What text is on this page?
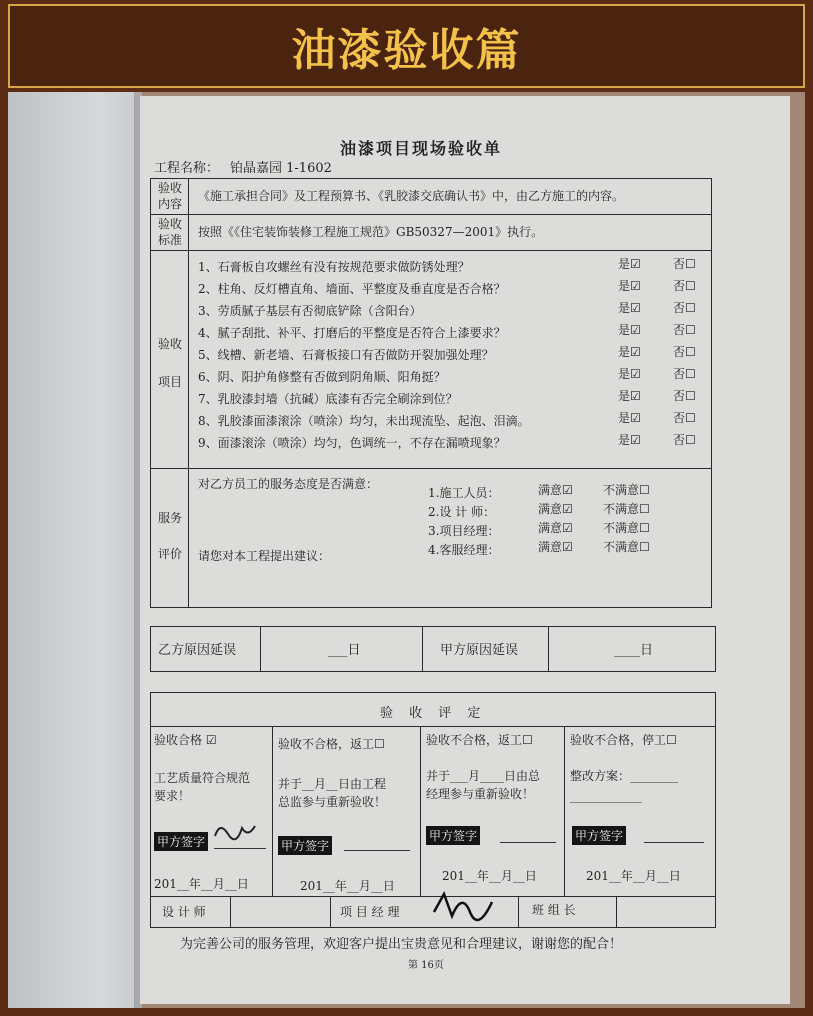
油漆验收篇
油漆项目现场验收单
工程名称： 铂晶嘉园 1-1602
验收
内容
《施工承担合同》及工程预算书、《乳胶漆交底确认书》中，由乙方施工的内容。
验收
标准
按照《《住宅装饰装修工程施工规范》GB50327—2001》执行。
验收
项目
1、石膏板自攻螺丝有没有按规范要求做防锈处理？	是☑	否☐
2、柱角、反灯槽直角、墙面、平整度及垂直度是否合格？	是☑	否☐
3、劳质腻子基层有否彻底铲除（含阳台）	是☑	否☐
4、腻子刮批、补平、打磨后的平整度是否符合上漆要求？	是☑	否☐
5、线槽、新老墙、石膏板接口有否做防开裂加强处理？	是☑	否☐
6、阴、阳护角修整有否做到阴角顺、阳角挺？	是☑	否☐
7、乳胶漆封墙（抗碱）底漆有否完全刷涂到位？	是☑	否☐
8、乳胶漆面漆滚涂（喷涂）均匀，未出现流坠、起泡、泪滴。	是☑	否☐
9、面漆滚涂（喷涂）均匀，色调统一，不存在漏喷现象？	是☑	否☐
服务
评价
对乙方员工的服务态度是否满意：
请您对本工程提出建议：
1.施工人员：	满意☑	不满意☐
2.设 计 师：	满意☑	不满意☐
3.项目经理：	满意☑	不满意☐
4.客服经理：	满意☑	不满意☐
乙方原因延误	___日	甲方原因延误	____日
验 收 评 定
验收合格 ☑
工艺质量符合规范
要求！
甲方签字
201__年__月__日
验收不合格，返工☐
并于__月__日由工程
总监参与重新验收！
甲方签字
201__年__月__日
验收不合格，返工☐
并于___月____日由总
经理参与重新验收！
甲方签字
201__年__月__日
验收不合格，停工☐
整改方案：________
____________
甲方签字
201__年__月__日
设 计 师	项 目 经 理	班 组 长
为完善公司的服务管理，欢迎客户提出宝贵意见和合理建议，谢谢您的配合！
第 16页
